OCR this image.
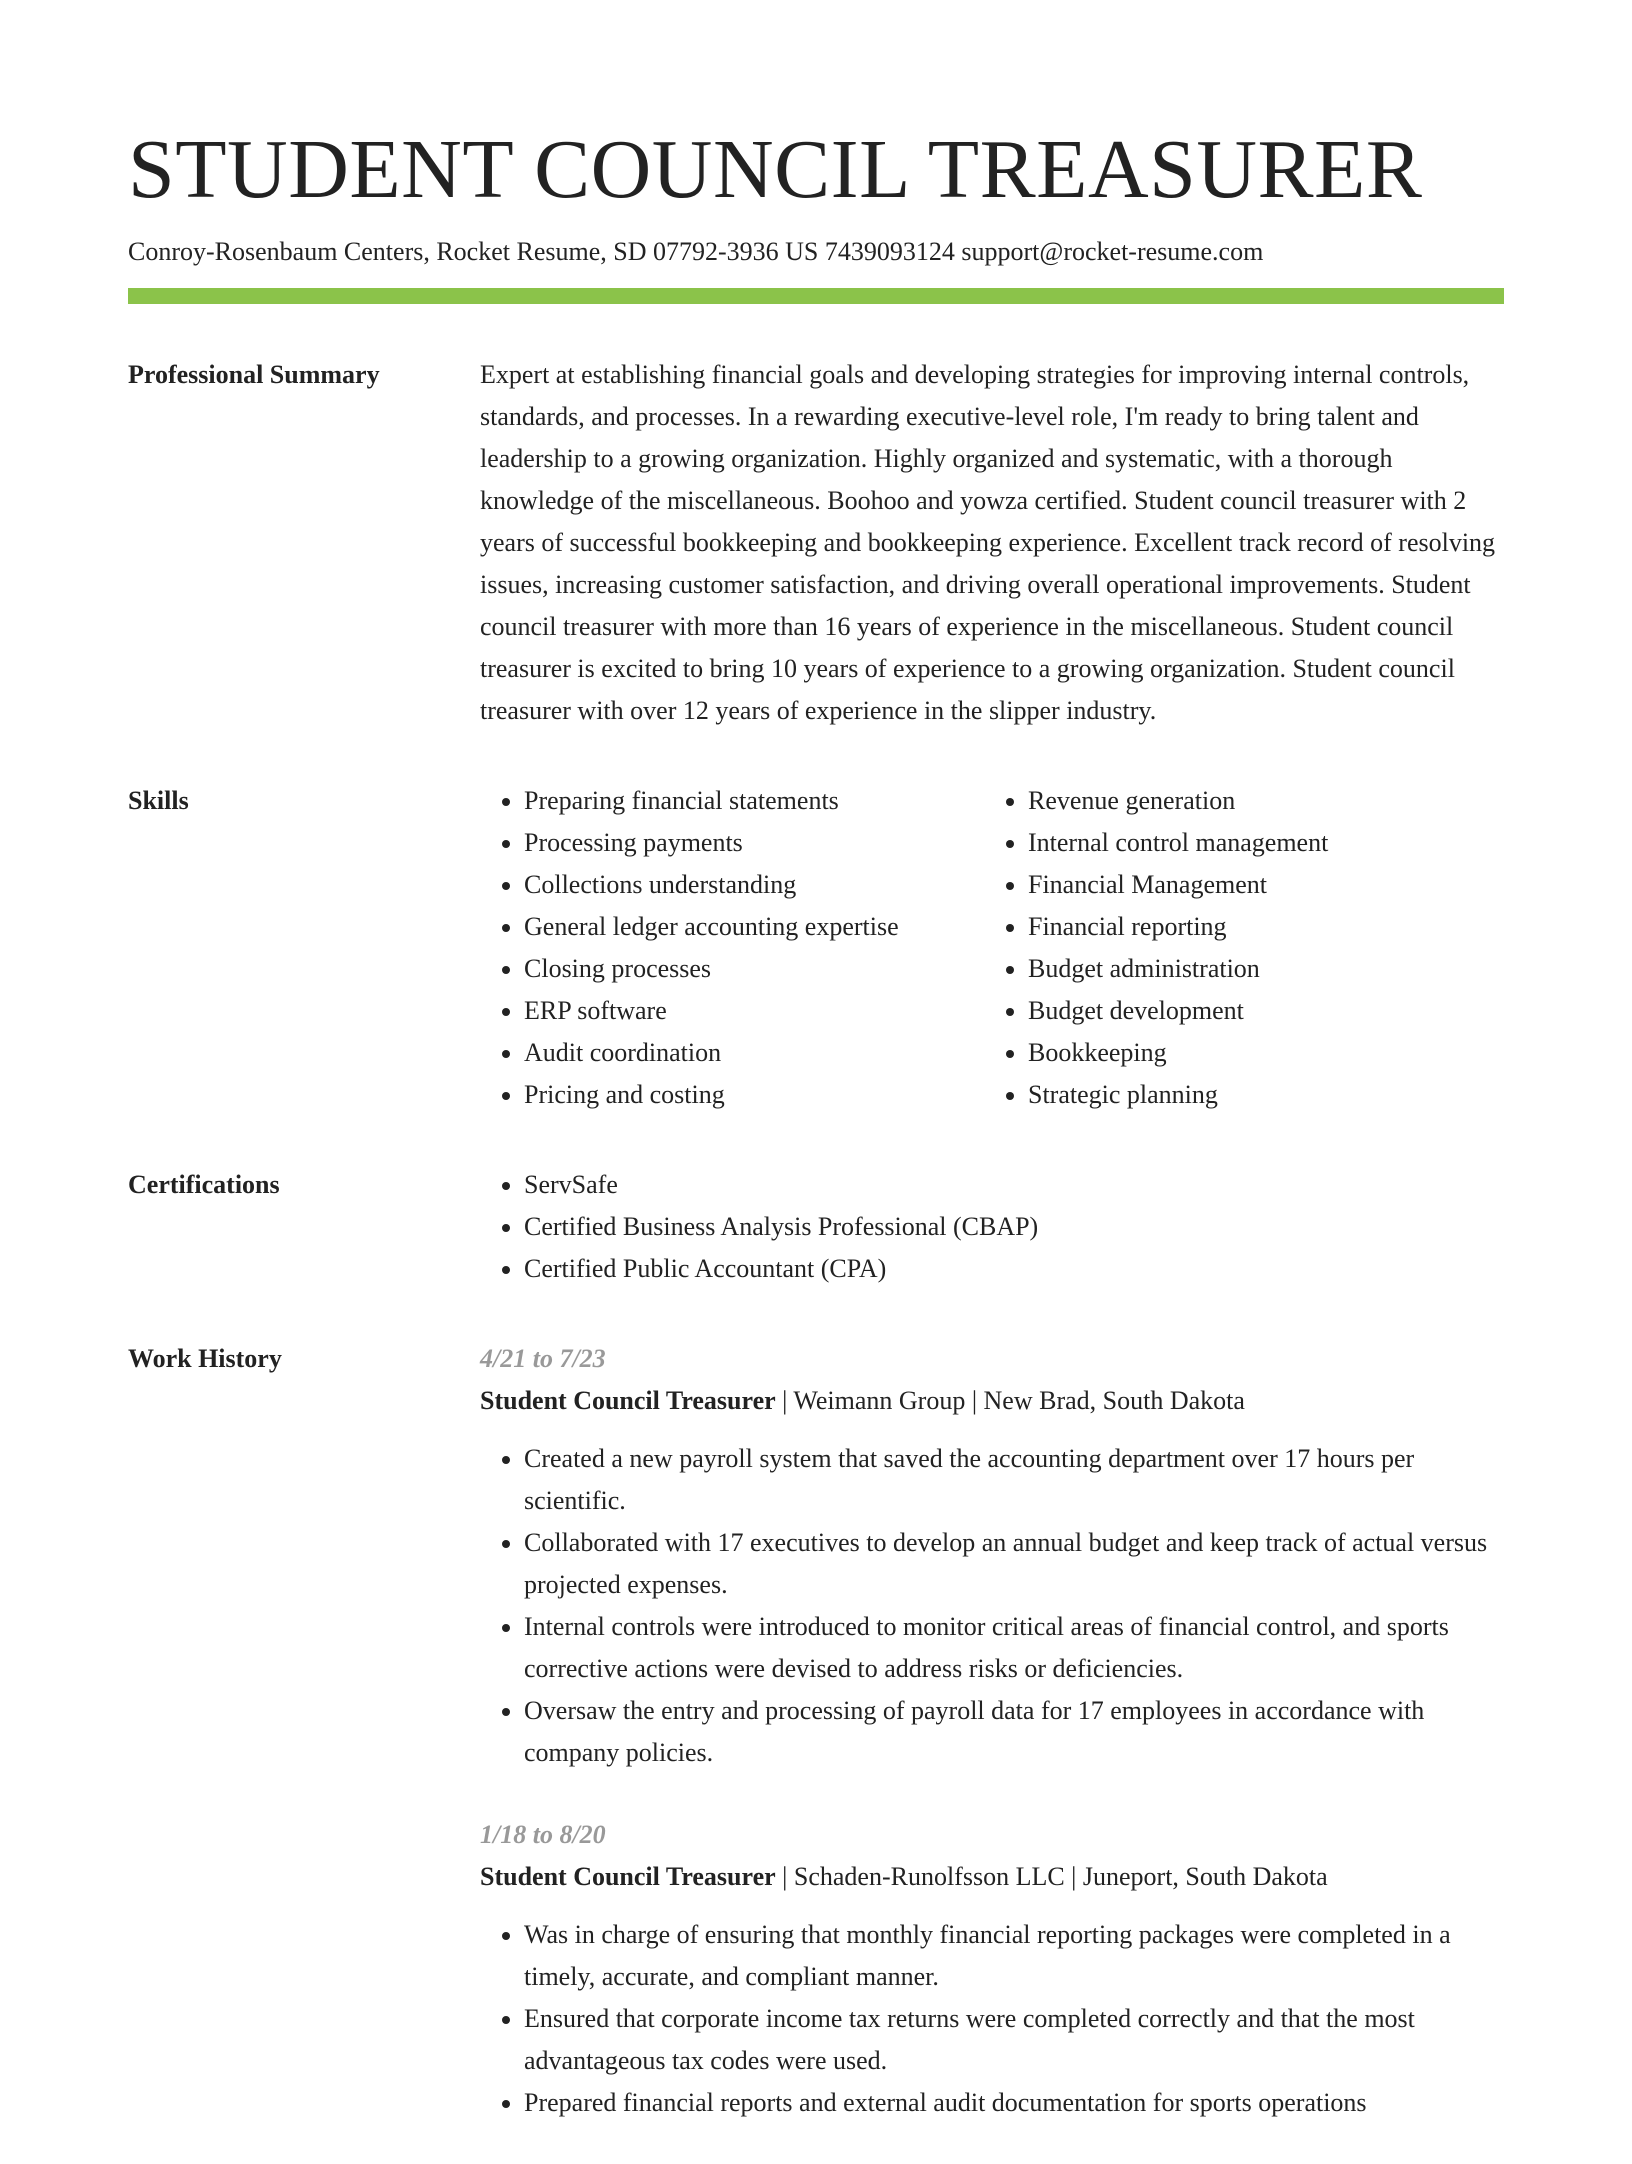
STUDENT COUNCIL TREASURER
Conroy-Rosenbaum Centers, Rocket Resume, SD 07792-3936 US 7439093124 support@rocket-resume.com
Professional Summary	Expert at establishing financial goals and developing strategies for improving internal controls, standards, and processes. In a rewarding executive-level role, I'm ready to bring talent and leadership to a growing organization. Highly organized and systematic, with a thorough knowledge of the miscellaneous. Boohoo and yowza certified. Student council treasurer with 2 years of successful bookkeeping and bookkeeping experience. Excellent track record of resolving issues, increasing customer satisfaction, and driving overall operational improvements. Student council treasurer with more than 16 years of experience in the miscellaneous. Student council treasurer is excited to bring 10 years of experience to a growing organization. Student council treasurer with over 12 years of experience in the slipper industry.

Skills	• Preparing financial statements
• Processing payments
• Collections understanding
• General ledger accounting expertise
• Closing processes
• ERP software
• Audit coordination
• Pricing and costing
• Revenue generation
• Internal control management
• Financial Management
• Financial reporting
• Budget administration
• Budget development
• Bookkeeping
• Strategic planning
Certifications	• ServSafe
• Certified Business Analysis Professional (CBAP)
• Certified Public Accountant (CPA)
Work History	4/21 to 7/23
Student Council Treasurer | Weimann Group | New Brad, South Dakota
• Created a new payroll system that saved the accounting department over 17 hours per scientific.
• Collaborated with 17 executives to develop an annual budget and keep track of actual versus projected expenses.
• Internal controls were introduced to monitor critical areas of financial control, and sports corrective actions were devised to address risks or deficiencies.
• Oversaw the entry and processing of payroll data for 17 employees in accordance with company policies.
1/18 to 8/20
Student Council Treasurer | Schaden-Runolfsson LLC | Juneport, South Dakota
• Was in charge of ensuring that monthly financial reporting packages were completed in a timely, accurate, and compliant manner.
• Ensured that corporate income tax returns were completed correctly and that the most advantageous tax codes were used.
• Prepared financial reports and external audit documentation for sports operations
